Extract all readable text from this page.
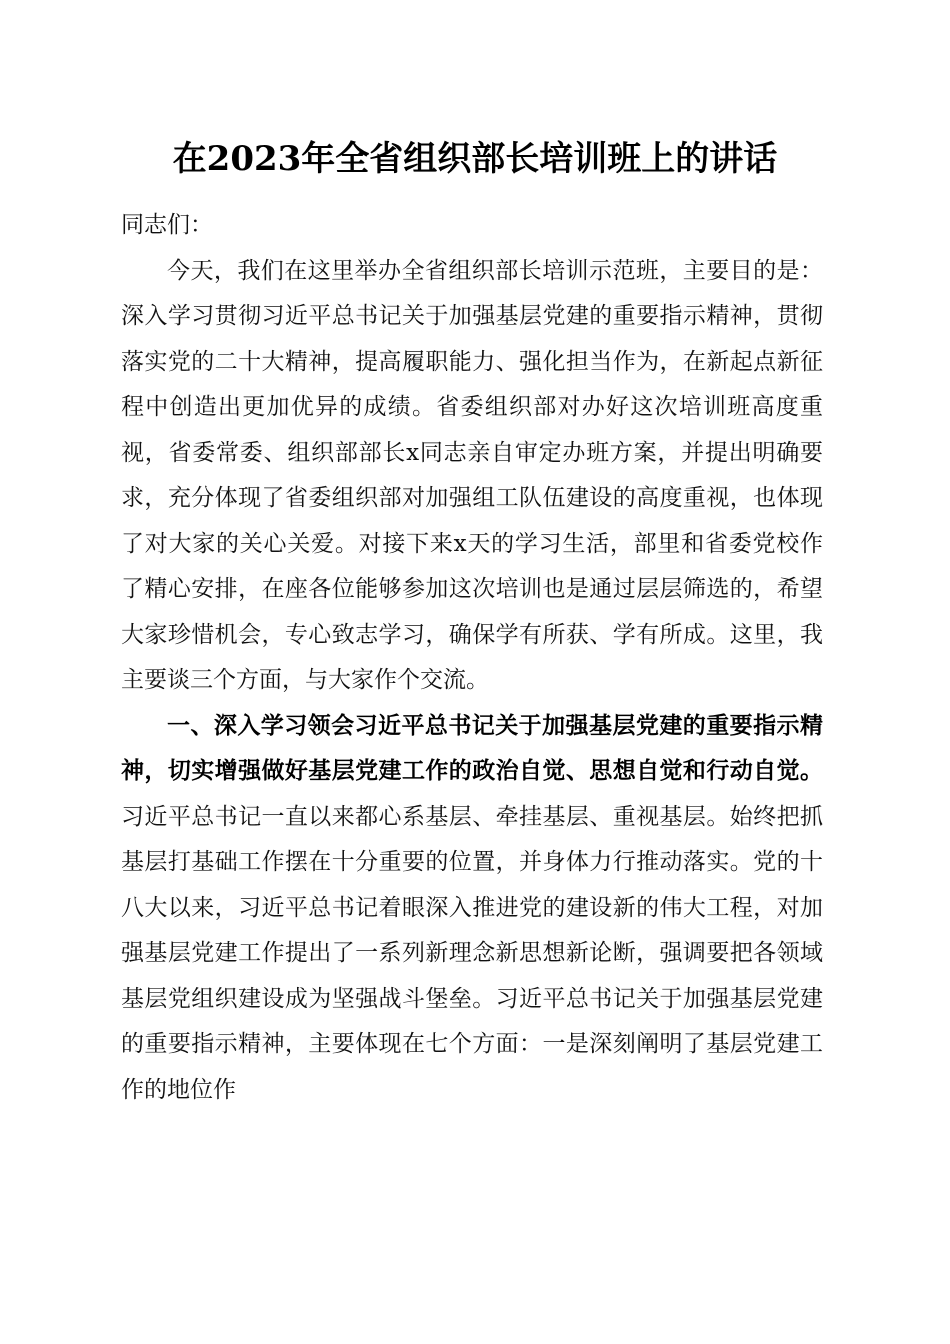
在2023年全省组织部长培训班上的讲话

同志们：

今天，我们在这里举办全省组织部长培训示范班，主要目的是：深入学习贯彻习近平总书记关于加强基层党建的重要指示精神，贯彻落实党的二十大精神，提高履职能力、强化担当作为，在新起点新征程中创造出更加优异的成绩。省委组织部对办好这次培训班高度重视，省委常委、组织部部长x同志亲自审定办班方案，并提出明确要求，充分体现了省委组织部对加强组工队伍建设的高度重视，也体现了对大家的关心关爱。对接下来x天的学习生活，部里和省委党校作了精心安排，在座各位能够参加这次培训也是通过层层筛选的，希望大家珍惜机会，专心致志学习，确保学有所获、学有所成。这里，我主要谈三个方面，与大家作个交流。

一、深入学习领会习近平总书记关于加强基层党建的重要指示精神，切实增强做好基层党建工作的政治自觉、思想自觉和行动自觉。习近平总书记一直以来都心系基层、牵挂基层、重视基层。始终把抓基层打基础工作摆在十分重要的位置，并身体力行推动落实。党的十八大以来，习近平总书记着眼深入推进党的建设新的伟大工程，对加强基层党建工作提出了一系列新理念新思想新论断，强调要把各领域基层党组织建设成为坚强战斗堡垒。习近平总书记关于加强基层党建的重要指示精神，主要体现在七个方面：一是深刻阐明了基层党建工作的地位作
